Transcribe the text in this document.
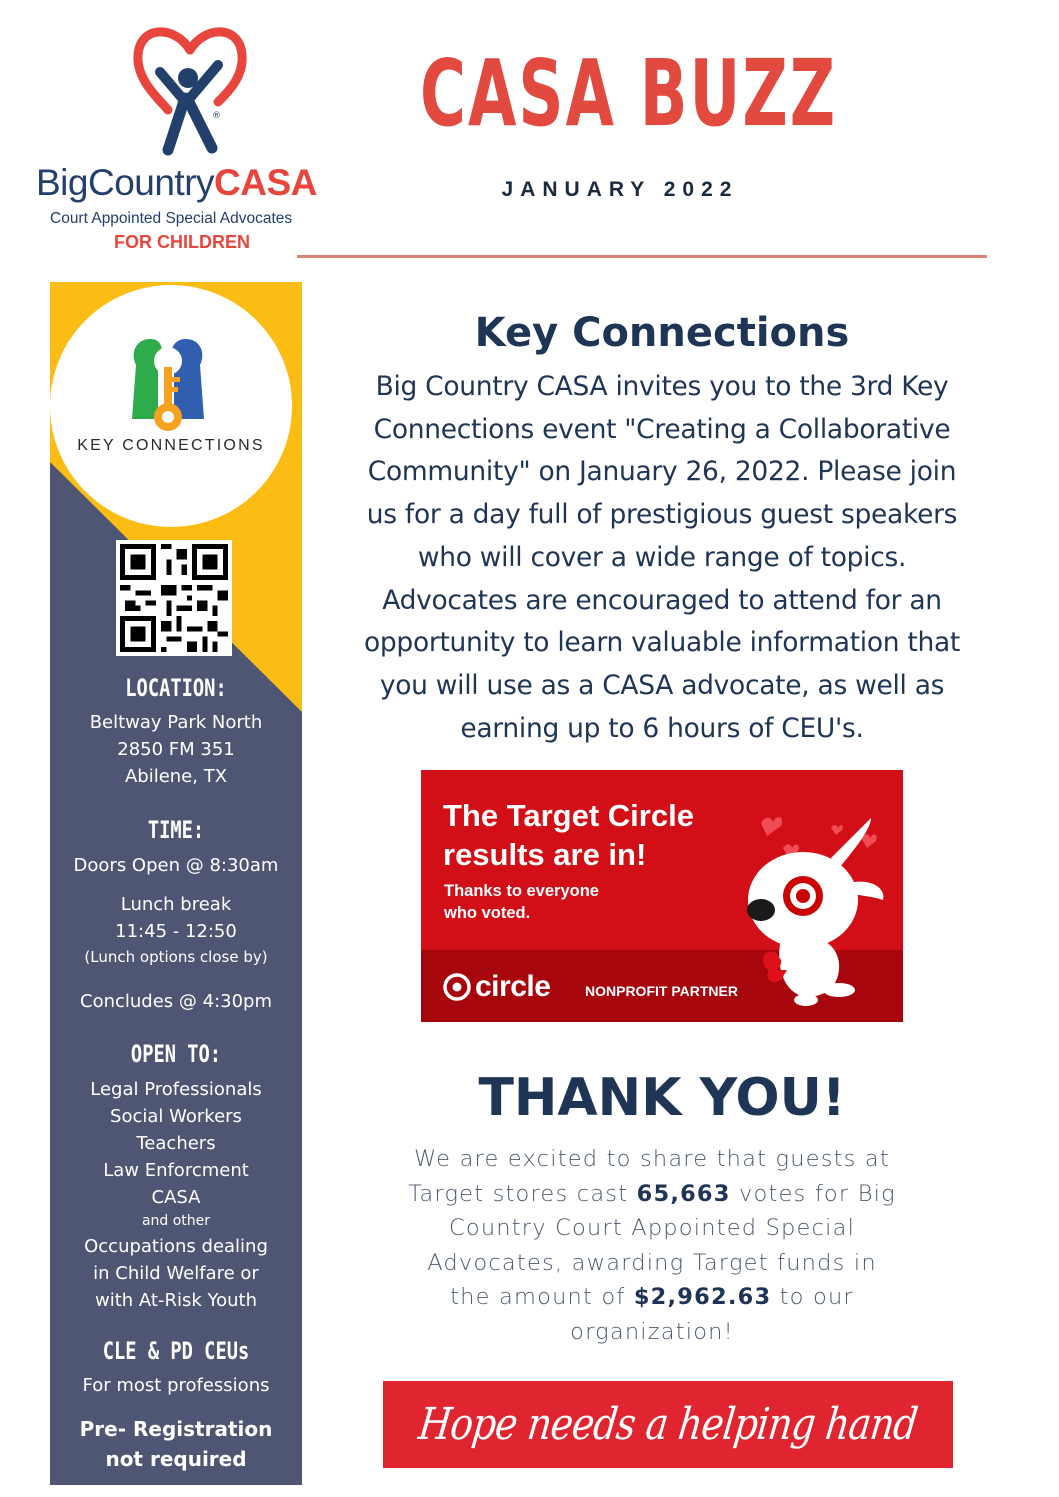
®
BigCountryCASA
Court Appointed Special Advocates
FOR CHILDREN
CASA BUZZ
JANUARY 2022
KEY CONNECTIONS
LOCATION:
Beltway Park North
2850 FM 351
Abilene, TX
TIME:
Doors Open @ 8:30am
Lunch break
11:45 - 12:50
(Lunch options close by)
Concludes @ 4:30pm
OPEN TO:
Legal Professionals
Social Workers
Teachers
Law Enforcment
CASA
and other
Occupations dealing
in Child Welfare or
with At-Risk Youth
CLE & PD CEUs
For most professions
Pre- Registration
not required
Key Connections
Big Country CASA invites you to the 3rd Key
Connections event "Creating a Collaborative
Community" on January 26, 2022. Please join
us for a day full of prestigious guest speakers
who will cover a wide range of topics.
Advocates are encouraged to attend for an
opportunity to learn valuable information that
you will use as a CASA advocate, as well as
earning up to 6 hours of CEU's.
The Target Circle
results are in!
Thanks to everyone
who voted.
circle NONPROFIT PARTNER
THANK YOU!
We are excited to share that guests at
Target stores cast 65,663 votes for Big
Country Court Appointed Special
Advocates, awarding Target funds in
the amount of $2,962.63 to our
organization!
Hope needs a helping hand
